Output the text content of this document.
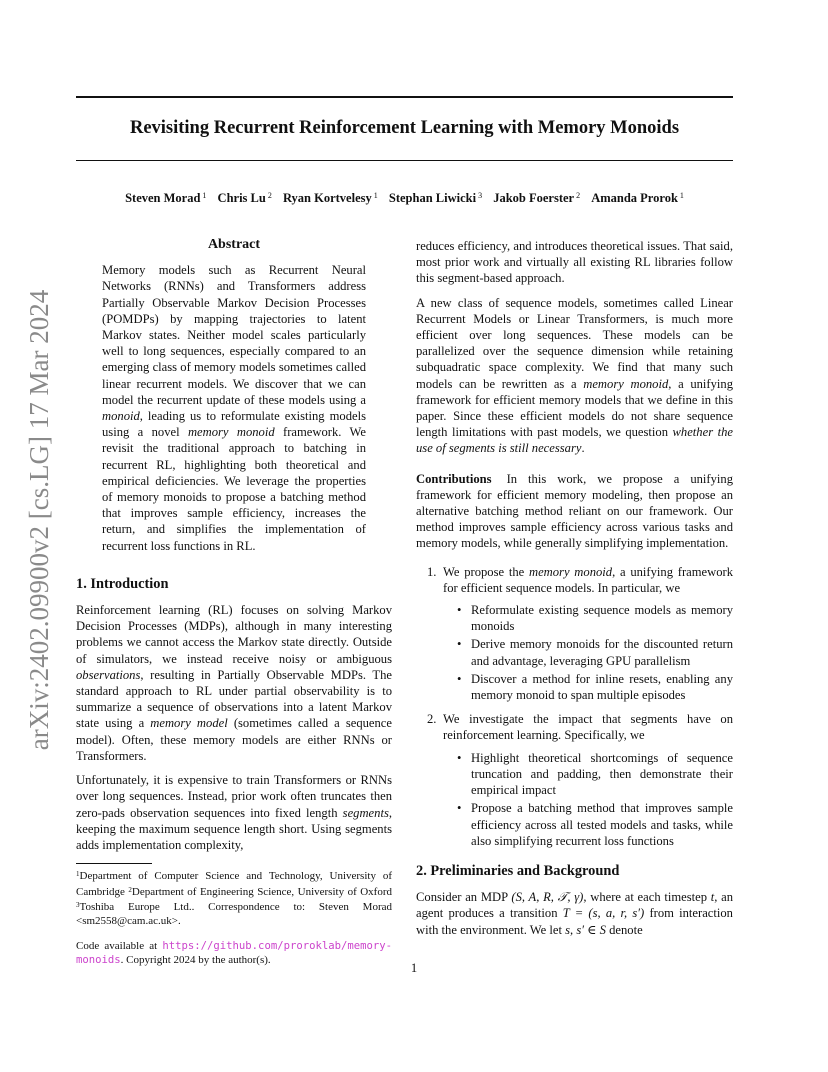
arXiv:2402.09900v2 [cs.LG] 17 Mar 2024
Revisiting Recurrent Reinforcement Learning with Memory Monoids
Steven Morad $^1$ Chris Lu $^2$ Ryan Kortvelesy $^1$ Stephan Liwicki $^3$ Jakob Foerster $^2$ Amanda Prorok $^1$
Abstract

Memory models such as Recurrent Neural Networks (RNNs) and Transformers address Partially Observable Markov Decision Processes (POMDPs) by mapping trajectories to latent Markov states. Neither model scales particularly well to long sequences, especially compared to an emerging class of memory models sometimes called linear recurrent models. We discover that we can model the recurrent update of these models using a monoid, leading us to reformulate existing models using a novel memory monoid framework. We revisit the traditional approach to batching in recurrent RL, highlighting both theoretical and empirical deficiencies. We leverage the properties of memory monoids to propose a batching method that improves sample efficiency, increases the return, and simplifies the implementation of recurrent loss functions in RL.

1. Introduction

Reinforcement learning (RL) focuses on solving Markov Decision Processes (MDPs), although in many interesting problems we cannot access the Markov state directly. Outside of simulators, we instead receive noisy or ambiguous observations, resulting in Partially Observable MDPs. The standard approach to RL under partial observability is to summarize a sequence of observations into a latent Markov state using a memory model (sometimes called a sequence model). Often, these memory models are either RNNs or Transformers.

Unfortunately, it is expensive to train Transformers or RNNs over long sequences. Instead, prior work often truncates then zero-pads observation sequences into fixed length segments, keeping the maximum sequence length short. Using segments adds implementation complexity,

$^1$Department of Computer Science and Technology, University of Cambridge $^2$Department of Engineering Science, University of Oxford $^3$Toshiba Europe Ltd.. Correspondence to: Steven Morad <sm2558@cam.ac.uk>.
Code available at https://github.com/proroklab/memory-monoids. Copyright 2024 by the author(s).

reduces efficiency, and introduces theoretical issues. That said, most prior work and virtually all existing RL libraries follow this segment-based approach.

A new class of sequence models, sometimes called Linear Recurrent Models or Linear Transformers, is much more efficient over long sequences. These models can be parallelized over the sequence dimension while retaining subquadratic space complexity. We find that many such models can be rewritten as a memory monoid, a unifying framework for efficient memory models that we define in this paper. Since these efficient models do not share sequence length limitations with past models, we question whether the use of segments is still necessary.

Contributions In this work, we propose a unifying framework for efficient memory modeling, then propose an alternative batching method reliant on our framework. Our method improves sample efficiency across various tasks and memory models, while generally simplifying implementation.

1. We propose the memory monoid, a unifying framework for efficient sequence models. In particular, we
• Reformulate existing sequence models as memory monoids
• Derive memory monoids for the discounted return and advantage, leveraging GPU parallelism
• Discover a method for inline resets, enabling any memory monoid to span multiple episodes
2. We investigate the impact that segments have on reinforcement learning. Specifically, we
• Highlight theoretical shortcomings of sequence truncation and padding, then demonstrate their empirical impact
• Propose a batching method that improves sample efficiency across all tested models and tasks, while also simplifying recurrent loss functions
2. Preliminaries and Background

Consider an MDP (S, A, R, 𝒯, γ), where at each timestep t, an agent produces a transition T = (s, a, r, s′) from interaction with the environment. We let s, s′ ∈ S denote

1
